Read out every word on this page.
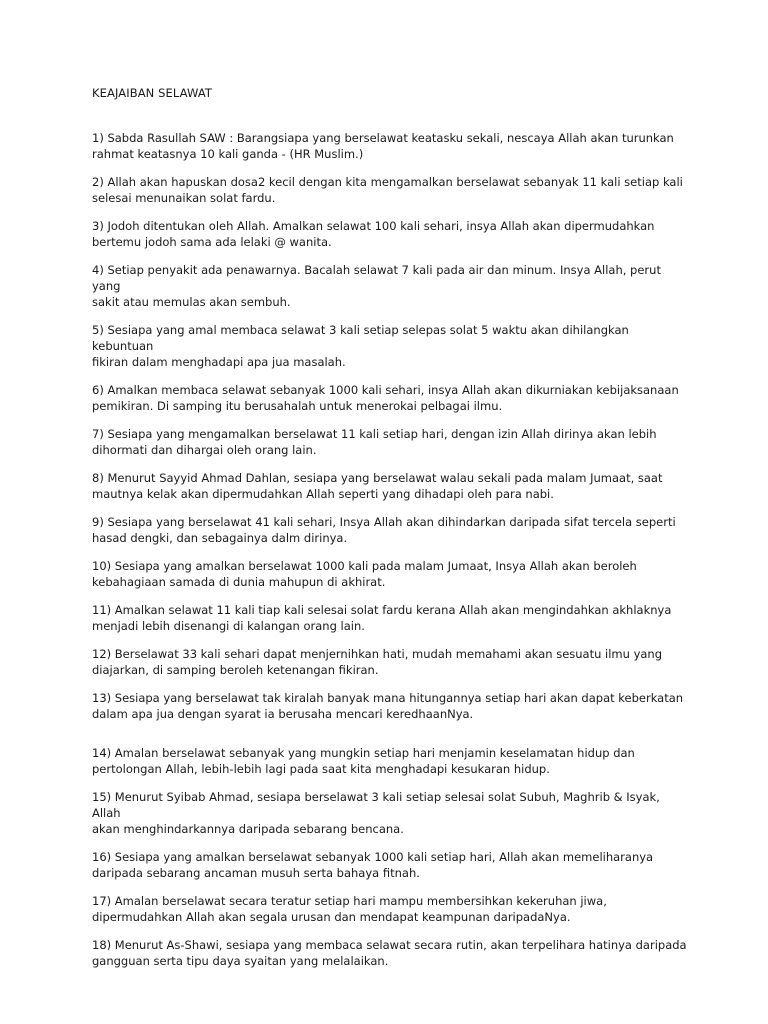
KEAJAIBAN SELAWAT

1) Sabda Rasullah SAW : Barangsiapa yang berselawat keatasku sekali, nescaya Allah akan turunkan
rahmat keatasnya 10 kali ganda - (HR Muslim.)

2) Allah akan hapuskan dosa2 kecil dengan kita mengamalkan berselawat sebanyak 11 kali setiap kali
selesai menunaikan solat fardu.

3) Jodoh ditentukan oleh Allah. Amalkan selawat 100 kali sehari, insya Allah akan dipermudahkan
bertemu jodoh sama ada lelaki @ wanita.

4) Setiap penyakit ada penawarnya. Bacalah selawat 7 kali pada air dan minum. Insya Allah, perut yang
sakit atau memulas akan sembuh.

5) Sesiapa yang amal membaca selawat 3 kali setiap selepas solat 5 waktu akan dihilangkan kebuntuan
fikiran dalam menghadapi apa jua masalah.

6) Amalkan membaca selawat sebanyak 1000 kali sehari, insya Allah akan dikurniakan kebijaksanaan
pemikiran. Di samping itu berusahalah untuk menerokai pelbagai ilmu.

7) Sesiapa yang mengamalkan berselawat 11 kali setiap hari, dengan izin Allah dirinya akan lebih
dihormati dan dihargai oleh orang lain.

8) Menurut Sayyid Ahmad Dahlan, sesiapa yang berselawat walau sekali pada malam Jumaat, saat
mautnya kelak akan dipermudahkan Allah seperti yang dihadapi oleh para nabi.

9) Sesiapa yang berselawat 41 kali sehari, Insya Allah akan dihindarkan daripada sifat tercela seperti
hasad dengki, dan sebagainya dalm dirinya.

10) Sesiapa yang amalkan berselawat 1000 kali pada malam Jumaat, Insya Allah akan beroleh
kebahagiaan samada di dunia mahupun di akhirat.

11) Amalkan selawat 11 kali tiap kali selesai solat fardu kerana Allah akan mengindahkan akhlaknya
menjadi lebih disenangi di kalangan orang lain.

12) Berselawat 33 kali sehari dapat menjernihkan hati, mudah memahami akan sesuatu ilmu yang
diajarkan, di samping beroleh ketenangan fikiran.

13) Sesiapa yang berselawat tak kiralah banyak mana hitungannya setiap hari akan dapat keberkatan
dalam apa jua dengan syarat ia berusaha mencari keredhaanNya.

14) Amalan berselawat sebanyak yang mungkin setiap hari menjamin keselamatan hidup dan
pertolongan Allah, lebih-lebih lagi pada saat kita menghadapi kesukaran hidup.

15) Menurut Syibab Ahmad, sesiapa berselawat 3 kali setiap selesai solat Subuh, Maghrib & Isyak, Allah
akan menghindarkannya daripada sebarang bencana.

16) Sesiapa yang amalkan berselawat sebanyak 1000 kali setiap hari, Allah akan memeliharanya
daripada sebarang ancaman musuh serta bahaya fitnah.

17) Amalan berselawat secara teratur setiap hari mampu membersihkan kekeruhan jiwa,
dipermudahkan Allah akan segala urusan dan mendapat keampunan daripadaNya.

18) Menurut As-Shawi, sesiapa yang membaca selawat secara rutin, akan terpelihara hatinya daripada
gangguan serta tipu daya syaitan yang melalaikan.
